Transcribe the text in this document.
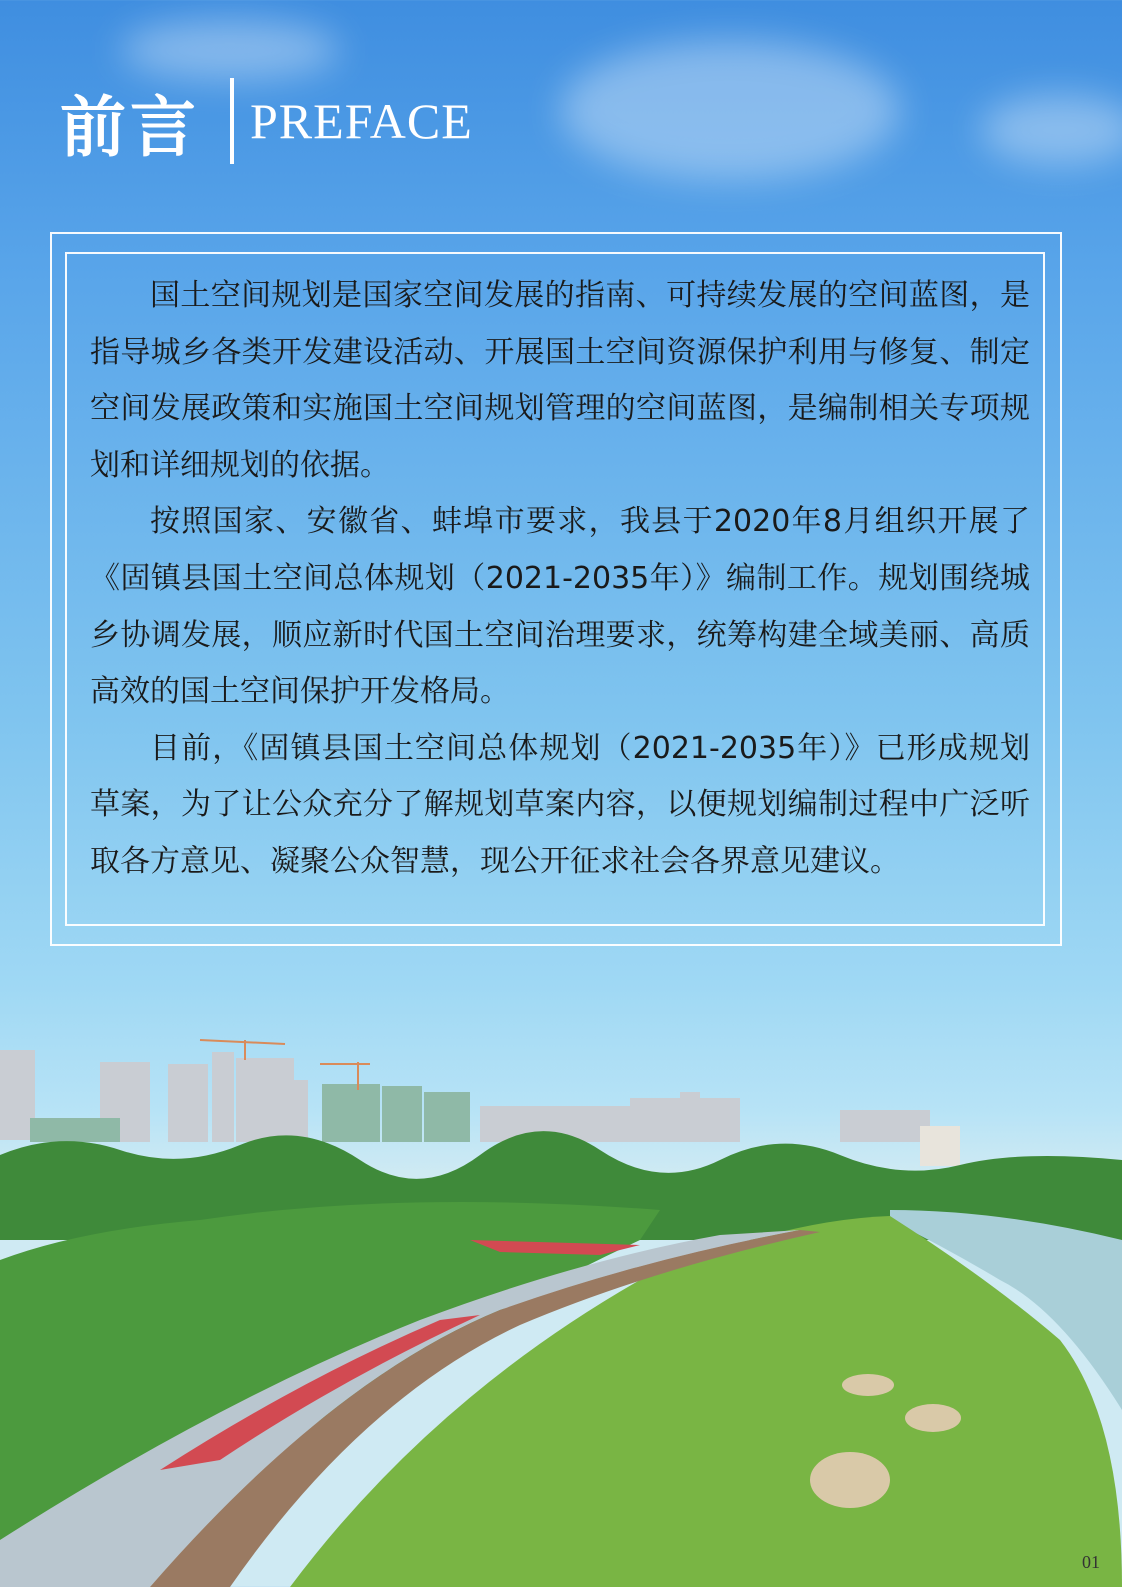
前言 PREFACE

国土空间规划是国家空间发展的指南、可持续发展的空间蓝图，是指导城乡各类开发建设活动、开展国土空间资源保护利用与修复、制定空间发展政策和实施国土空间规划管理的空间蓝图，是编制相关专项规划和详细规划的依据。

按照国家、安徽省、蚌埠市要求，我县于2020年8月组织开展了《固镇县国土空间总体规划（2021-2035年）》编制工作。规划围绕城乡协调发展，顺应新时代国土空间治理要求，统筹构建全域美丽、高质高效的国土空间保护开发格局。

目前，《固镇县国土空间总体规划（2021-2035年）》已形成规划草案，为了让公众充分了解规划草案内容，以便规划编制过程中广泛听取各方意见、凝聚公众智慧，现公开征求社会各界意见建议。

01
